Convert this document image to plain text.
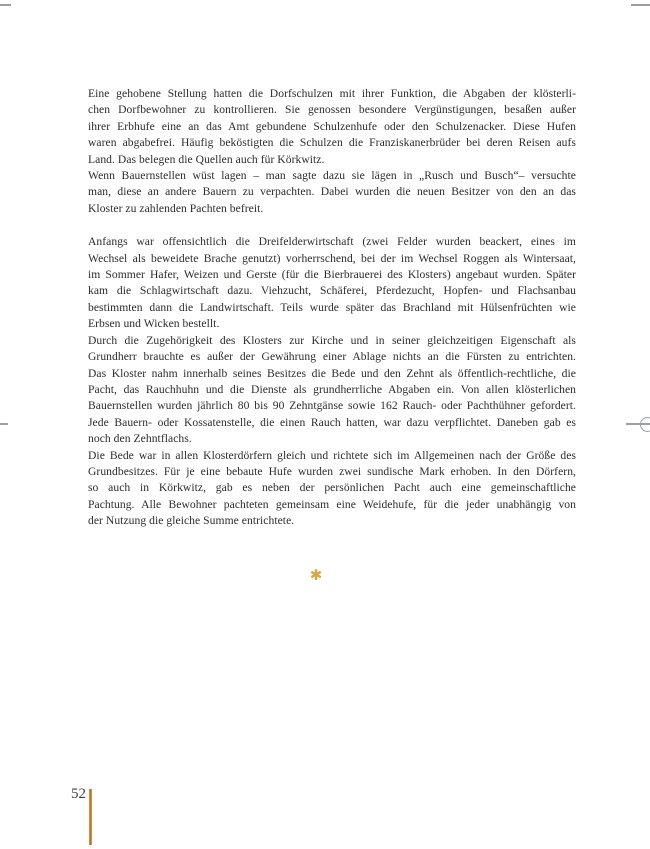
Eine gehobene Stellung hatten die Dorfschulzen mit ihrer Funktion, die Abgaben der klösterli-
chen Dorfbewohner zu kontrollieren. Sie genossen besondere Vergünstigungen, besaßen außer
ihrer Erbhufe eine an das Amt gebundene Schulzenhufe oder den Schulzenacker. Diese Hufen
waren abgabefrei. Häufig beköstigten die Schulzen die Franziskanerbrüder bei deren Reisen aufs
Land. Das belegen die Quellen auch für Körkwitz.
Wenn Bauernstellen wüst lagen – man sagte dazu sie lägen in „Rusch und Busch“– versuchte
man, diese an andere Bauern zu verpachten. Dabei wurden die neuen Besitzer von den an das
Kloster zu zahlenden Pachten befreit.
Anfangs war offensichtlich die Dreifelderwirtschaft (zwei Felder wurden beackert, eines im
Wechsel als beweidete Brache genutzt) vorherrschend, bei der im Wechsel Roggen als Wintersaat,
im Sommer Hafer, Weizen und Gerste (für die Bierbrauerei des Klosters) angebaut wurden. Später
kam die Schlagwirtschaft dazu. Viehzucht, Schäferei, Pferdezucht, Hopfen- und Flachsanbau
bestimmten dann die Landwirtschaft. Teils wurde später das Brachland mit Hülsenfrüchten wie
Erbsen und Wicken bestellt.
Durch die Zugehörigkeit des Klosters zur Kirche und in seiner gleichzeitigen Eigenschaft als
Grundherr brauchte es außer der Gewährung einer Ablage nichts an die Fürsten zu entrichten.
Das Kloster nahm innerhalb seines Besitzes die Bede und den Zehnt als öffentlich-rechtliche, die
Pacht, das Rauchhuhn und die Dienste als grundherrliche Abgaben ein. Von allen klösterlichen
Bauernstellen wurden jährlich 80 bis 90 Zehntgänse sowie 162 Rauch- oder Pachthühner gefordert.
Jede Bauern- oder Kossatenstelle, die einen Rauch hatten, war dazu verpflichtet. Daneben gab es
noch den Zehntflachs.
Die Bede war in allen Klosterdörfern gleich und richtete sich im Allgemeinen nach der Größe des
Grundbesitzes. Für je eine bebaute Hufe wurden zwei sundische Mark erhoben. In den Dörfern,
so auch in Körkwitz, gab es neben der persönlichen Pacht auch eine gemeinschaftliche
Pachtung. Alle Bewohner pachteten gemeinsam eine Weidehufe, für die jeder unabhängig von
der Nutzung die gleiche Summe entrichtete.
✱
52
